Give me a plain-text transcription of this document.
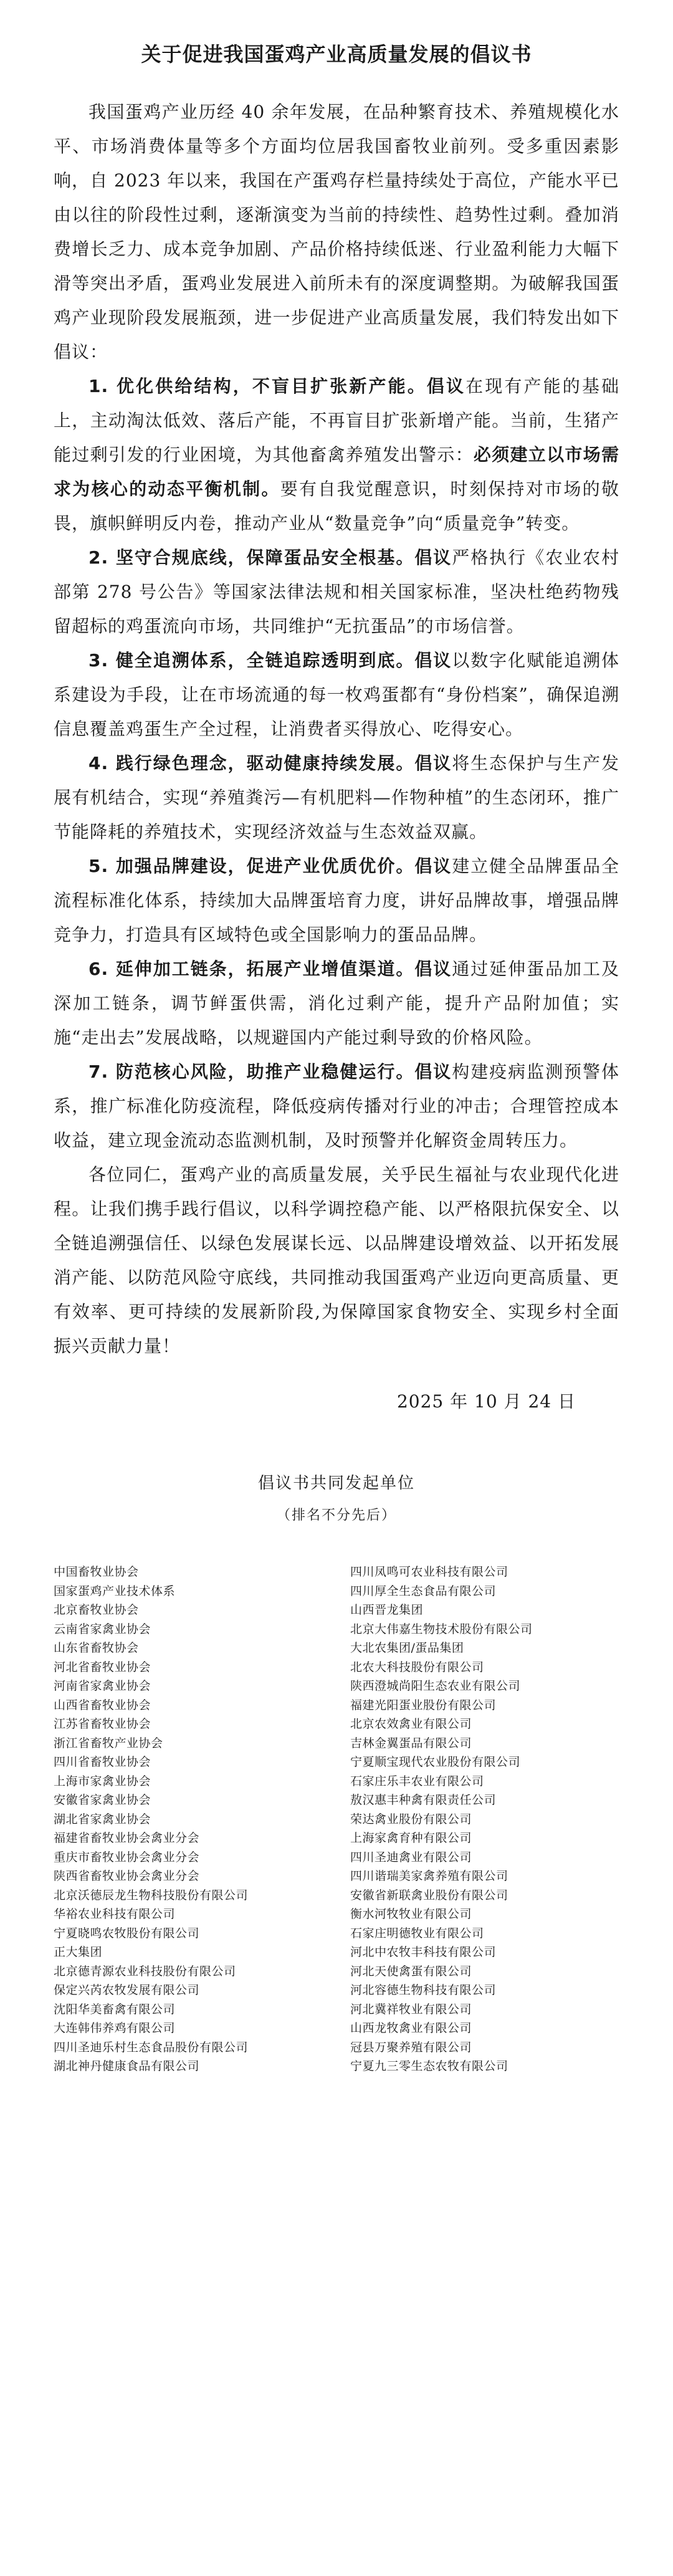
关于促进我国蛋鸡产业高质量发展的倡议书

我国蛋鸡产业历经 40 余年发展，在品种繁育技术、养殖规模化水平、市场消费体量等多个方面均位居我国畜牧业前列。受多重因素影响，自 2023 年以来，我国在产蛋鸡存栏量持续处于高位，产能水平已由以往的阶段性过剩，逐渐演变为当前的持续性、趋势性过剩。叠加消费增长乏力、成本竞争加剧、产品价格持续低迷、行业盈利能力大幅下滑等突出矛盾，蛋鸡业发展进入前所未有的深度调整期。为破解我国蛋鸡产业现阶段发展瓶颈，进一步促进产业高质量发展，我们特发出如下倡议：

1. 优化供给结构，不盲目扩张新产能。倡议在现有产能的基础上，主动淘汰低效、落后产能，不再盲目扩张新增产能。当前，生猪产能过剩引发的行业困境，为其他畜禽养殖发出警示：必须建立以市场需求为核心的动态平衡机制。要有自我觉醒意识，时刻保持对市场的敬畏，旗帜鲜明反内卷，推动产业从“数量竞争”向“质量竞争”转变。

2. 坚守合规底线，保障蛋品安全根基。倡议严格执行《农业农村部第 278 号公告》等国家法律法规和相关国家标准，坚决杜绝药物残留超标的鸡蛋流向市场，共同维护“无抗蛋品”的市场信誉。

3. 健全追溯体系，全链追踪透明到底。倡议以数字化赋能追溯体系建设为手段，让在市场流通的每一枚鸡蛋都有“身份档案”，确保追溯信息覆盖鸡蛋生产全过程，让消费者买得放心、吃得安心。

4. 践行绿色理念，驱动健康持续发展。倡议将生态保护与生产发展有机结合，实现“养殖粪污—有机肥料—作物种植”的生态闭环，推广节能降耗的养殖技术，实现经济效益与生态效益双赢。

5. 加强品牌建设，促进产业优质优价。倡议建立健全品牌蛋品全流程标准化体系，持续加大品牌蛋培育力度，讲好品牌故事，增强品牌竞争力，打造具有区域特色或全国影响力的蛋品品牌。

6. 延伸加工链条，拓展产业增值渠道。倡议通过延伸蛋品加工及深加工链条，调节鲜蛋供需，消化过剩产能，提升产品附加值；实施“走出去”发展战略，以规避国内产能过剩导致的价格风险。

7. 防范核心风险，助推产业稳健运行。倡议构建疫病监测预警体系，推广标准化防疫流程，降低疫病传播对行业的冲击；合理管控成本收益，建立现金流动态监测机制，及时预警并化解资金周转压力。

各位同仁，蛋鸡产业的高质量发展，关乎民生福祉与农业现代化进程。让我们携手践行倡议，以科学调控稳产能、以严格限抗保安全、以全链追溯强信任、以绿色发展谋长远、以品牌建设增效益、以开拓发展消产能、以防范风险守底线，共同推动我国蛋鸡产业迈向更高质量、更有效率、更可持续的发展新阶段,为保障国家食物安全、实现乡村全面振兴贡献力量！

2025 年 10 月 24 日
倡议书共同发起单位
（排名不分先后）
中国畜牧业协会
国家蛋鸡产业技术体系
北京畜牧业协会
云南省家禽业协会
山东省畜牧协会
河北省畜牧业协会
河南省家禽业协会
山西省畜牧业协会
江苏省畜牧业协会
浙江省畜牧产业协会
四川省畜牧业协会
上海市家禽业协会
安徽省家禽业协会
湖北省家禽业协会
福建省畜牧业协会禽业分会
重庆市畜牧业协会禽业分会
陕西省畜牧业协会禽业分会
北京沃德辰龙生物科技股份有限公司
华裕农业科技有限公司
宁夏晓鸣农牧股份有限公司
正大集团
北京德青源农业科技股份有限公司
保定兴芮农牧发展有限公司
沈阳华美畜禽有限公司
大连韩伟养鸡有限公司
四川圣迪乐村生态食品股份有限公司
湖北神丹健康食品有限公司
四川凤鸣可农业科技有限公司
四川厚全生态食品有限公司
山西晋龙集团
北京大伟嘉生物技术股份有限公司
大北农集团/蛋品集团
北农大科技股份有限公司
陕西澄城尚阳生态农业有限公司
福建光阳蛋业股份有限公司
北京农效禽业有限公司
吉林金翼蛋品有限公司
宁夏顺宝现代农业股份有限公司
石家庄乐丰农业有限公司
敖汉惠丰种禽有限责任公司
荣达禽业股份有限公司
上海家禽育种有限公司
四川圣迪禽业有限公司
四川谐瑞美家禽养殖有限公司
安徽省新联禽业股份有限公司
衡水河牧牧业有限公司
石家庄明德牧业有限公司
河北中农牧丰科技有限公司
河北天使禽蛋有限公司
河北容德生物科技有限公司
河北冀祥牧业有限公司
山西龙牧禽业有限公司
冠县万聚养殖有限公司
宁夏九三零生态农牧有限公司
